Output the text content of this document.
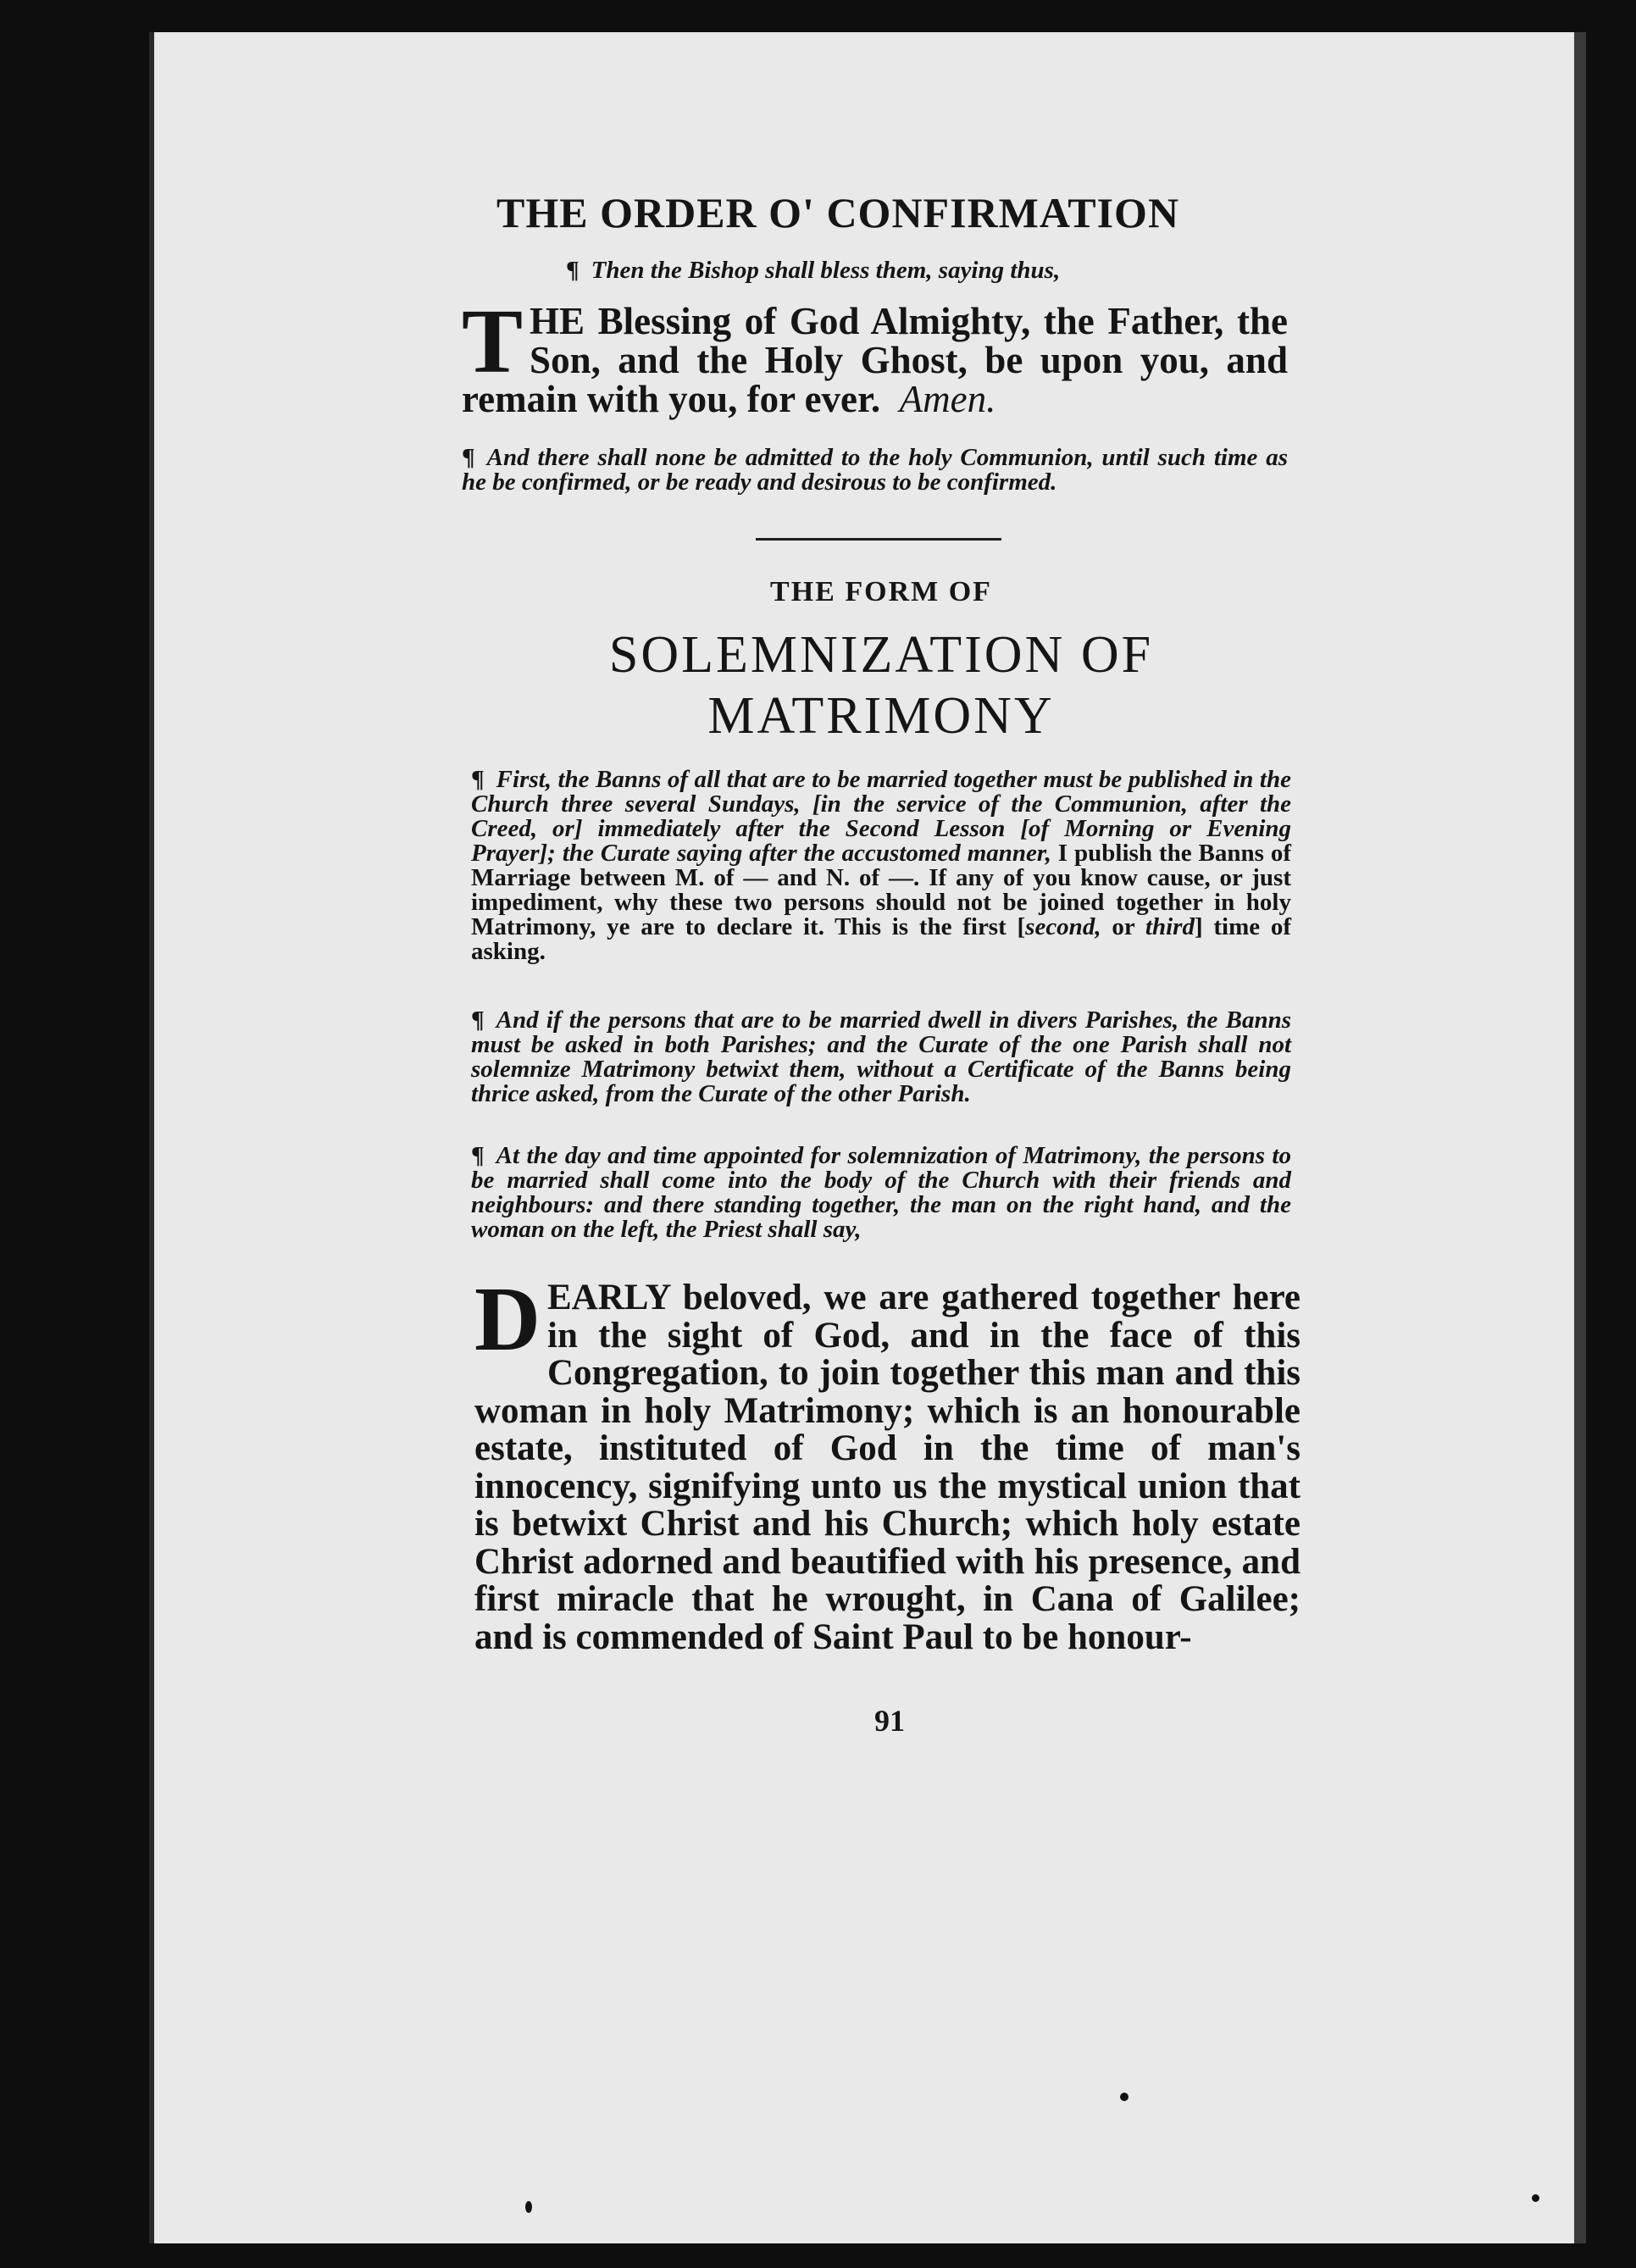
THE ORDER O' CONFIRMATION
¶ Then the Bishop shall bless them, saying thus,
THE Blessing of God Almighty, the Father, the Son, and the Holy Ghost, be upon you, and remain with you, for ever. Amen.
¶ And there shall none be admitted to the holy Communion, until such time as he be confirmed, or be ready and desirous to be confirmed.
THE FORM OF
SOLEMNIZATION OF
MATRIMONY
¶ First, the Banns of all that are to be married together must be published in the Church three several Sundays, [in the service of the Communion, after the Creed, or] immediately after the Second Lesson [of Morning or Evening Prayer]; the Curate saying after the accustomed manner, I publish the Banns of Marriage between M. of — and N. of —. If any of you know cause, or just impediment, why these two persons should not be joined together in holy Matrimony, ye are to declare it. This is the first [second, or third] time of asking.
¶ And if the persons that are to be married dwell in divers Parishes, the Banns must be asked in both Parishes; and the Curate of the one Parish shall not solemnize Matrimony betwixt them, without a Certificate of the Banns being thrice asked, from the Curate of the other Parish.
¶ At the day and time appointed for solemnization of Matrimony, the persons to be married shall come into the body of the Church with their friends and neighbours: and there standing together, the man on the right hand, and the woman on the left, the Priest shall say,
DEARLY beloved, we are gathered together here in the sight of God, and in the face of this Congregation, to join together this man and this woman in holy Matrimony; which is an honourable estate, instituted of God in the time of man's innocency, signifying unto us the mystical union that is betwixt Christ and his Church; which holy estate Christ adorned and beautified with his presence, and first miracle that he wrought, in Cana of Galilee; and is commended of Saint Paul to be honour-
91
